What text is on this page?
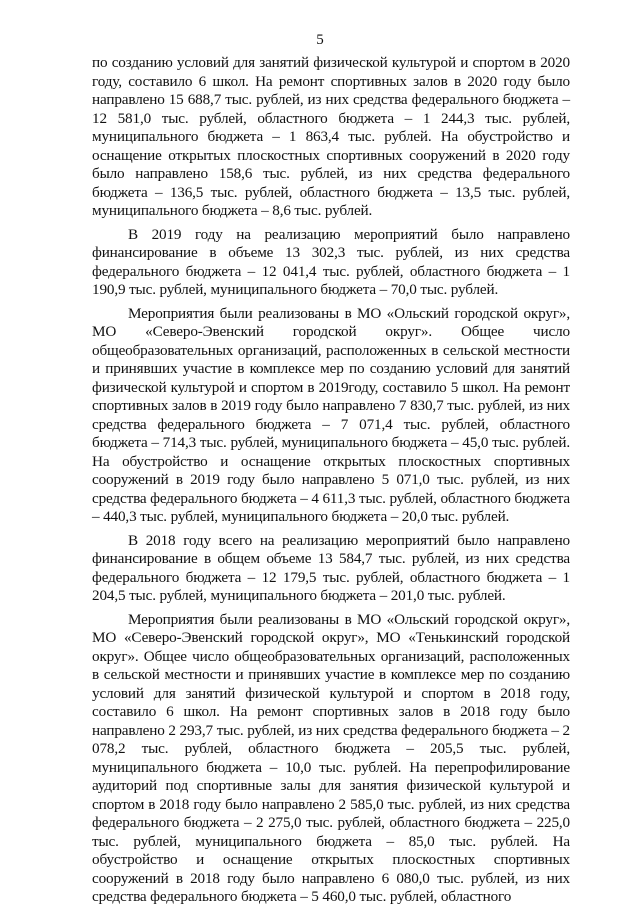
5

по созданию условий для занятий физической культурой и спортом в 2020 году, составило 6 школ. На ремонт спортивных залов в 2020 году было направлено 15 688,7 тыс. рублей, из них средства федерального бюджета – 12 581,0 тыс. рублей, областного бюджета – 1 244,3 тыс. рублей, муниципального бюджета – 1 863,4 тыс. рублей. На обустройство и оснащение открытых плоскостных спортивных сооружений в 2020 году было направлено 158,6 тыс. рублей, из них средства федерального бюджета – 136,5 тыс. рублей, областного бюджета – 13,5 тыс. рублей, муниципального бюджета – 8,6 тыс. рублей.

В 2019 году на реализацию мероприятий было направлено финансирование в объеме 13 302,3 тыс. рублей, из них средства федерального бюджета – 12 041,4 тыс. рублей, областного бюджета – 1 190,9 тыс. рублей, муниципального бюджета – 70,0 тыс. рублей.

Мероприятия были реализованы в МО «Ольский городской округ», МО «Северо-Эвенский городской округ». Общее число общеобразовательных организаций, расположенных в сельской местности и принявших участие в комплексе мер по созданию условий для занятий физической культурой и спортом в 2019году, составило 5 школ. На ремонт спортивных залов в 2019 году было направлено 7 830,7 тыс. рублей, из них средства федерального бюджета – 7 071,4 тыс. рублей, областного бюджета – 714,3 тыс. рублей, муниципального бюджета – 45,0 тыс. рублей. На обустройство и оснащение открытых плоскостных спортивных сооружений в 2019 году было направлено 5 071,0 тыс. рублей, из них средства федерального бюджета – 4 611,3 тыс. рублей, областного бюджета – 440,3 тыс. рублей, муниципального бюджета – 20,0 тыс. рублей.

В 2018 году всего на реализацию мероприятий было направлено финансирование в общем объеме 13 584,7 тыс. рублей, из них средства федерального бюджета – 12 179,5 тыс. рублей, областного бюджета – 1 204,5 тыс. рублей, муниципального бюджета – 201,0 тыс. рублей.

Мероприятия были реализованы в МО «Ольский городской округ», МО «Северо-Эвенский городской округ», МО «Тенькинский городской округ». Общее число общеобразовательных организаций, расположенных в сельской местности и принявших участие в комплексе мер по созданию условий для занятий физической культурой и спортом в 2018 году, составило 6 школ. На ремонт спортивных залов в 2018 году было направлено 2 293,7 тыс. рублей, из них средства федерального бюджета – 2 078,2 тыс. рублей, областного бюджета – 205,5 тыс. рублей, муниципального бюджета – 10,0 тыс. рублей. На перепрофилирование аудиторий под спортивные залы для занятия физической культурой и спортом в 2018 году было направлено 2 585,0 тыс. рублей, из них средства федерального бюджета – 2 275,0 тыс. рублей, областного бюджета – 225,0 тыс. рублей, муниципального бюджета – 85,0 тыс. рублей. На обустройство и оснащение открытых плоскостных спортивных сооружений в 2018 году было направлено 6 080,0 тыс. рублей, из них средства федерального бюджета – 5 460,0 тыс. рублей, областного
